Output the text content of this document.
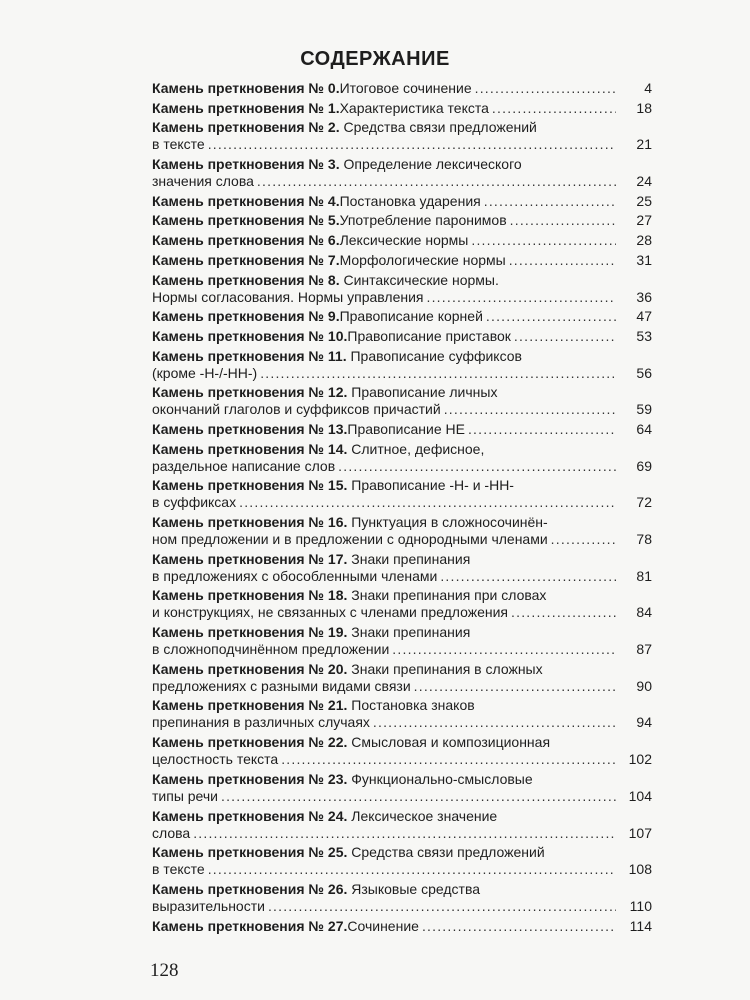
СОДЕРЖАНИЕ
Камень преткновения № 0. Итоговое сочинение .....	4
Камень преткновения № 1. Характеристика текста .....	18
Камень преткновения № 2. Средства связи предложений
в тексте .....	21
Камень преткновения № 3. Определение лексического
значения слова .....	24
Камень преткновения № 4. Постановка ударения .....	25
Камень преткновения № 5. Употребление паронимов .....	27
Камень преткновения № 6. Лексические нормы .....	28
Камень преткновения № 7. Морфологические нормы .....	31
Камень преткновения № 8. Синтаксические нормы.
Нормы согласования. Нормы управления .....	36
Камень преткновения № 9. Правописание корней .....	47
Камень преткновения № 10. Правописание приставок .....	53
Камень преткновения № 11. Правописание суффиксов
(кроме -Н-/-НН-) .....	56
Камень преткновения № 12. Правописание личных
окончаний глаголов и суффиксов причастий .....	59
Камень преткновения № 13. Правописание НЕ .....	64
Камень преткновения № 14. Слитное, дефисное,
раздельное написание слов .....	69
Камень преткновения № 15. Правописание -Н- и -НН-
в суффиксах .....	72
Камень преткновения № 16. Пунктуация в сложносочинён-
ном предложении и в предложении с однородными членами .....	78
Камень преткновения № 17. Знаки препинания
в предложениях с обособленными членами .....	81
Камень преткновения № 18. Знаки препинания при словах
и конструкциях, не связанных с членами предложения .....	84
Камень преткновения № 19. Знаки препинания
в сложноподчинённом предложении .....	87
Камень преткновения № 20. Знаки препинания в сложных
предложениях с разными видами связи .....	90
Камень преткновения № 21. Постановка знаков
препинания в различных случаях .....	94
Камень преткновения № 22. Смысловая и композиционная
целостность текста .....	102
Камень преткновения № 23. Функционально-смысловые
типы речи .....	104
Камень преткновения № 24. Лексическое значение
слова .....	107
Камень преткновения № 25. Средства связи предложений
в тексте .....	108
Камень преткновения № 26. Языковые средства
выразительности .....	110
Камень преткновения № 27. Сочинение .....	114
128
